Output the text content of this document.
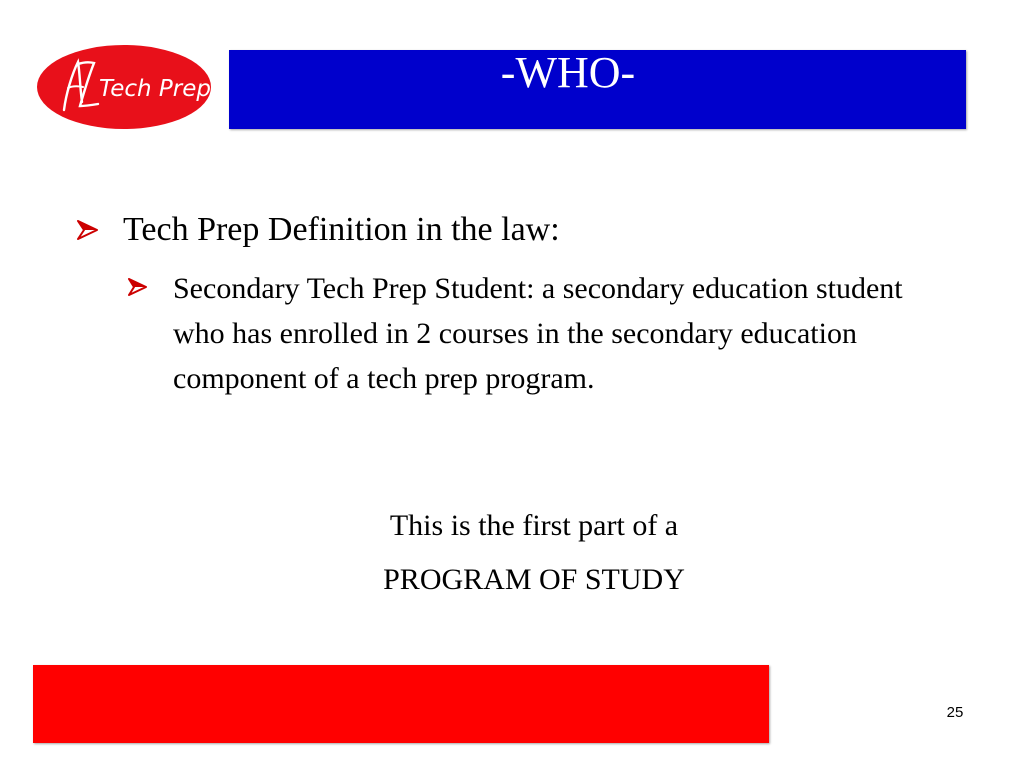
Tech Prep	-WHO-
Tech Prep Definition in the law:
Secondary Tech Prep Student: a secondary education student who has enrolled in 2 courses in the secondary education component of a tech prep program.
This is the first part of a
PROGRAM OF STUDY
25
